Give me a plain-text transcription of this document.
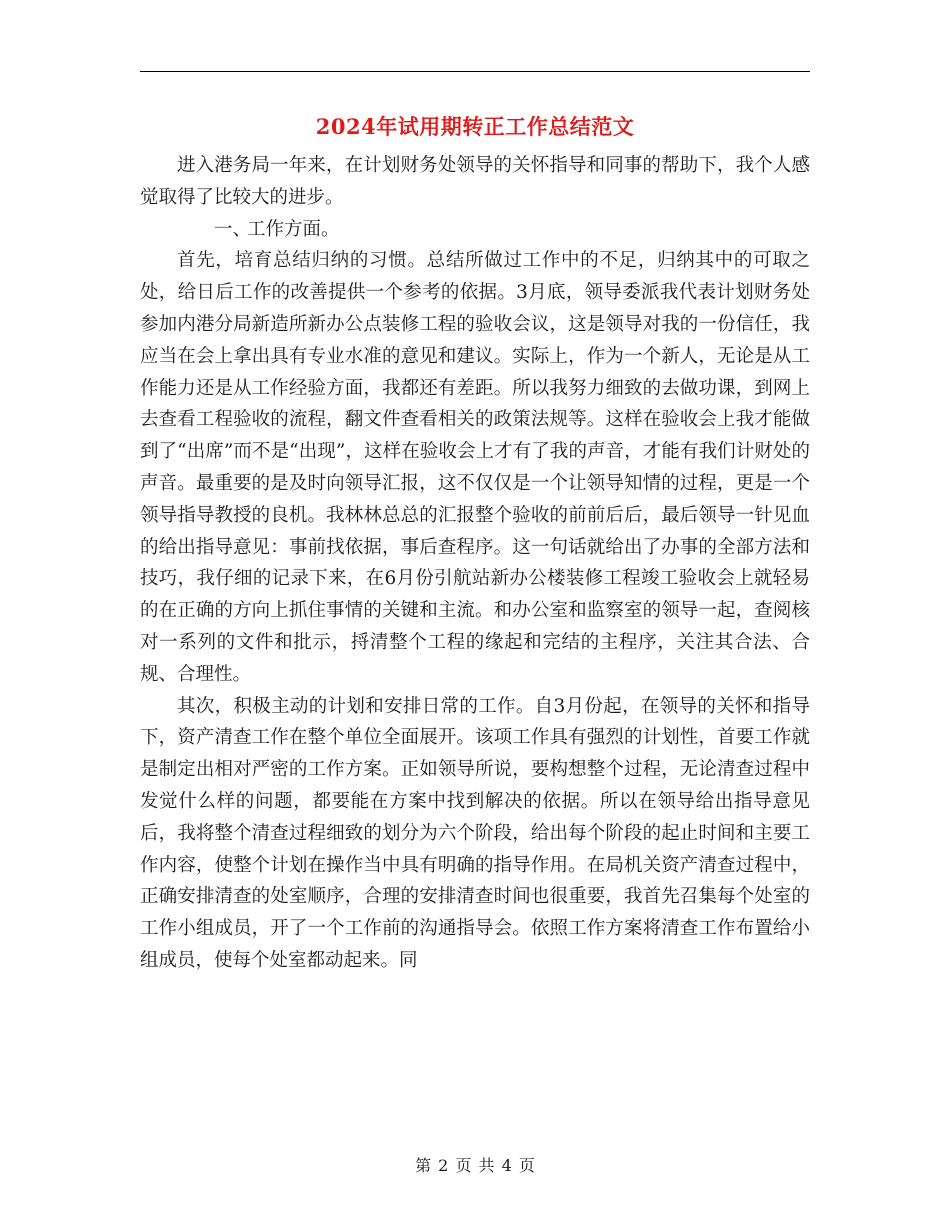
2024年试用期转正工作总结范文

进入港务局一年来，在计划财务处领导的关怀指导和同事的帮助下，我个人感觉取得了比较大的进步。

一、工作方面。

首先，培育总结归纳的习惯。总结所做过工作中的不足，归纳其中的可取之处，给日后工作的改善提供一个参考的依据。3月底，领导委派我代表计划财务处参加内港分局新造所新办公点装修工程的验收会议，这是领导对我的一份信任，我应当在会上拿出具有专业水准的意见和建议。实际上，作为一个新人，无论是从工作能力还是从工作经验方面，我都还有差距。所以我努力细致的去做功课，到网上去查看工程验收的流程，翻文件查看相关的政策法规等。这样在验收会上我才能做到了“出席”而不是“出现”，这样在验收会上才有了我的声音，才能有我们计财处的声音。最重要的是及时向领导汇报，这不仅仅是一个让领导知情的过程，更是一个领导指导教授的良机。我林林总总的汇报整个验收的前前后后，最后领导一针见血的给出指导意见：事前找依据，事后查程序。这一句话就给出了办事的全部方法和技巧，我仔细的记录下来，在6月份引航站新办公楼装修工程竣工验收会上就轻易的在正确的方向上抓住事情的关键和主流。和办公室和监察室的领导一起，查阅核对一系列的文件和批示，捋清整个工程的缘起和完结的主程序，关注其合法、合规、合理性。

其次，积极主动的计划和安排日常的工作。自3月份起，在领导的关怀和指导下，资产清查工作在整个单位全面展开。该项工作具有强烈的计划性，首要工作就是制定出相对严密的工作方案。正如领导所说，要构想整个过程，无论清查过程中发觉什么样的问题，都要能在方案中找到解决的依据。所以在领导给出指导意见后，我将整个清查过程细致的划分为六个阶段，给出每个阶段的起止时间和主要工作内容，使整个计划在操作当中具有明确的指导作用。在局机关资产清查过程中，正确安排清查的处室顺序，合理的安排清查时间也很重要，我首先召集每个处室的工作小组成员，开了一个工作前的沟通指导会。依照工作方案将清查工作布置给小组成员，使每个处室都动起来。同

第 2 页 共 4 页
